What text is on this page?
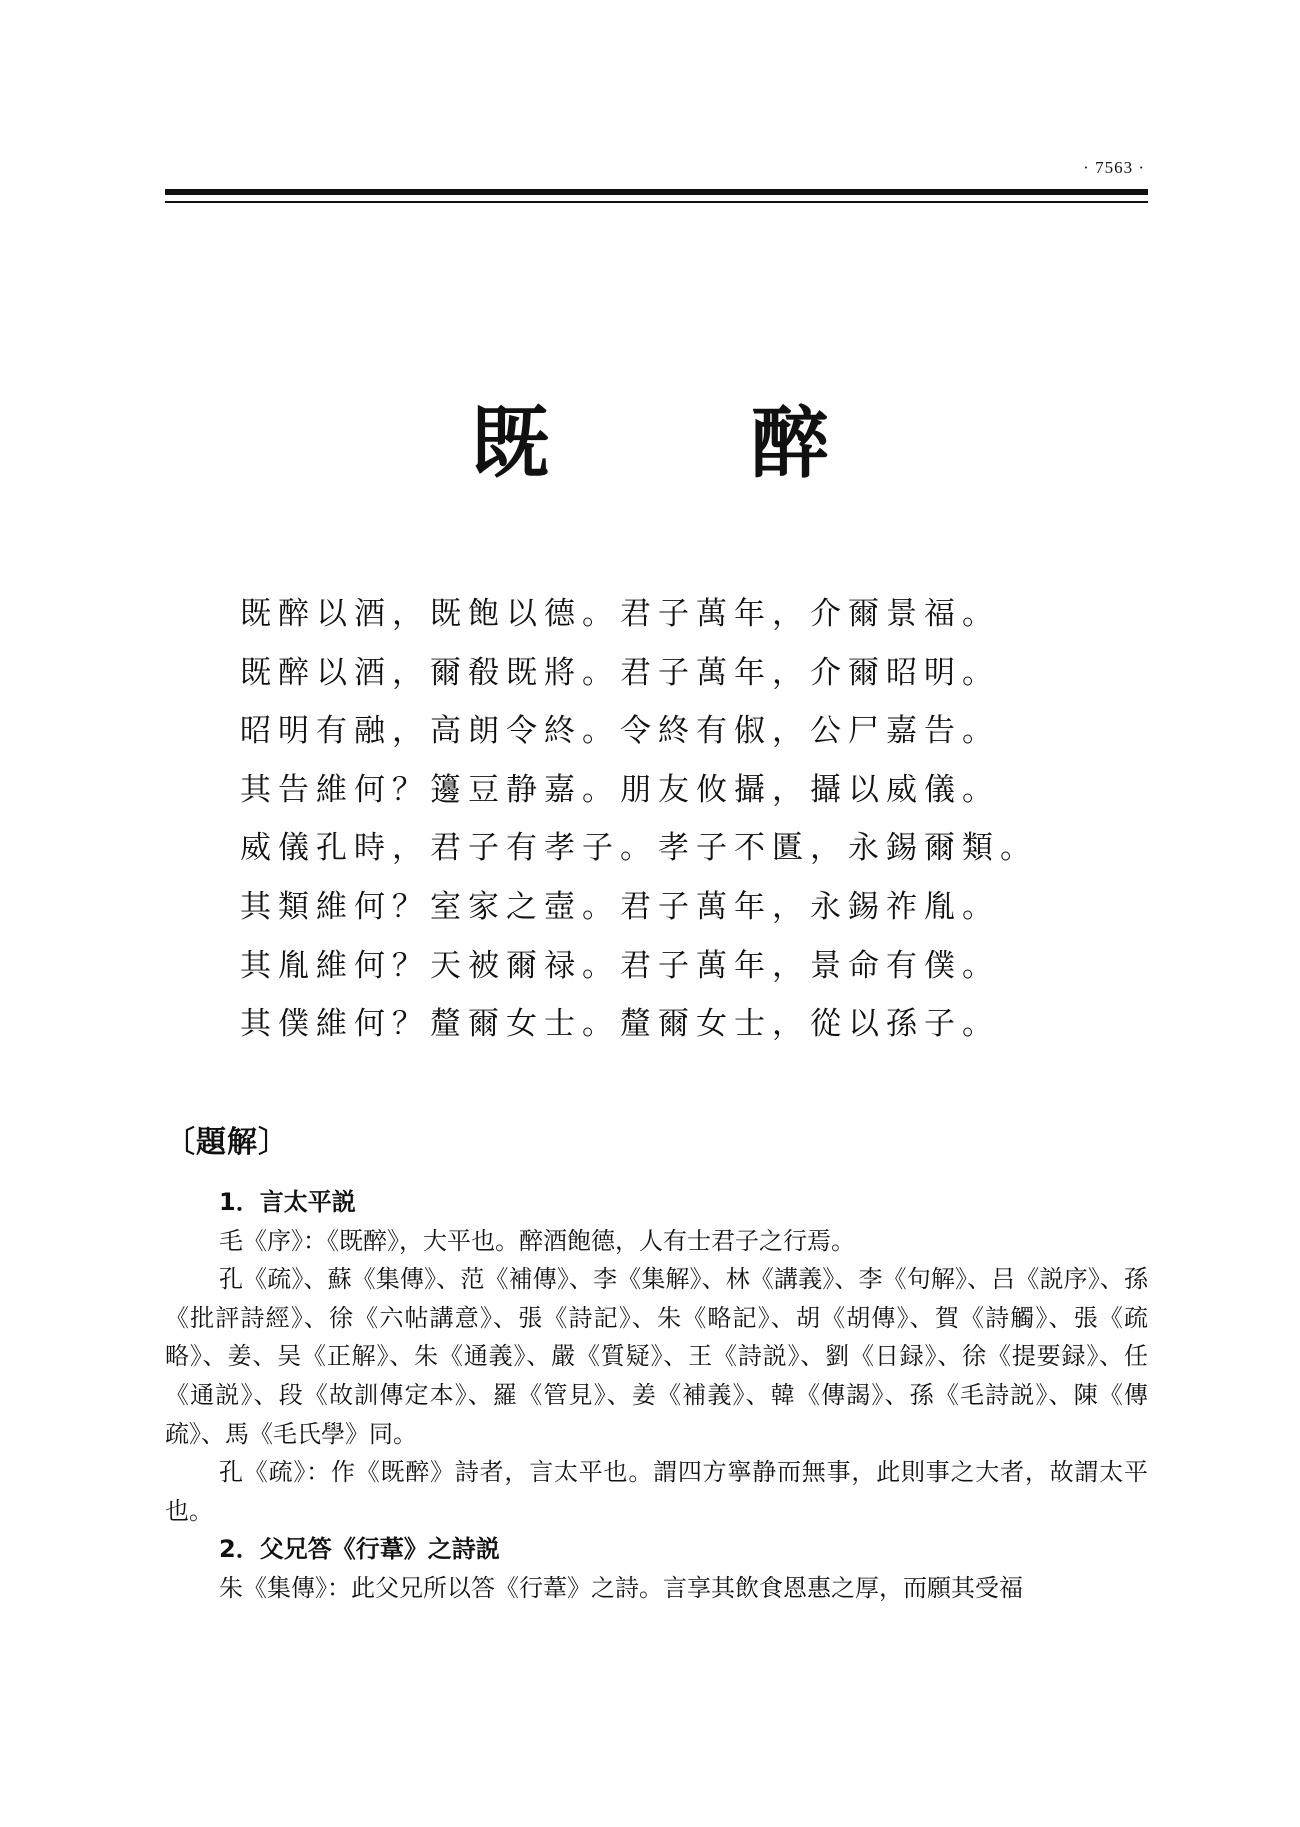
· 7563 ·
既　醉
既醉以酒，既飽以德。君子萬年，介爾景福。
既醉以酒，爾殽既將。君子萬年，介爾昭明。
昭明有融，高朗令終。令終有俶，公尸嘉告。
其告維何？籩豆静嘉。朋友攸攝，攝以威儀。
威儀孔時，君子有孝子。孝子不匱，永錫爾類。
其類維何？室家之壼。君子萬年，永錫祚胤。
其胤維何？天被爾禄。君子萬年，景命有僕。
其僕維何？釐爾女士。釐爾女士，從以孫子。
〔題解〕
1．言太平説

毛《序》：《既醉》，大平也。醉酒飽德，人有士君子之行焉。

孔《疏》、蘇《集傳》、范《補傳》、李《集解》、林《講義》、李《句解》、吕《説序》、孫《批評詩經》、徐《六帖講意》、張《詩記》、朱《略記》、胡《胡傳》、賀《詩觸》、張《疏略》、姜、吴《正解》、朱《通義》、嚴《質疑》、王《詩説》、劉《日録》、徐《提要録》、任《通説》、段《故訓傳定本》、羅《管見》、姜《補義》、韓《傳謁》、孫《毛詩説》、陳《傳疏》、馬《毛氏學》同。

孔《疏》：作《既醉》詩者，言太平也。謂四方寧静而無事，此則事之大者，故謂太平也。

2．父兄答《行葦》之詩説

朱《集傳》：此父兄所以答《行葦》之詩。言享其飲食恩惠之厚，而願其受福
